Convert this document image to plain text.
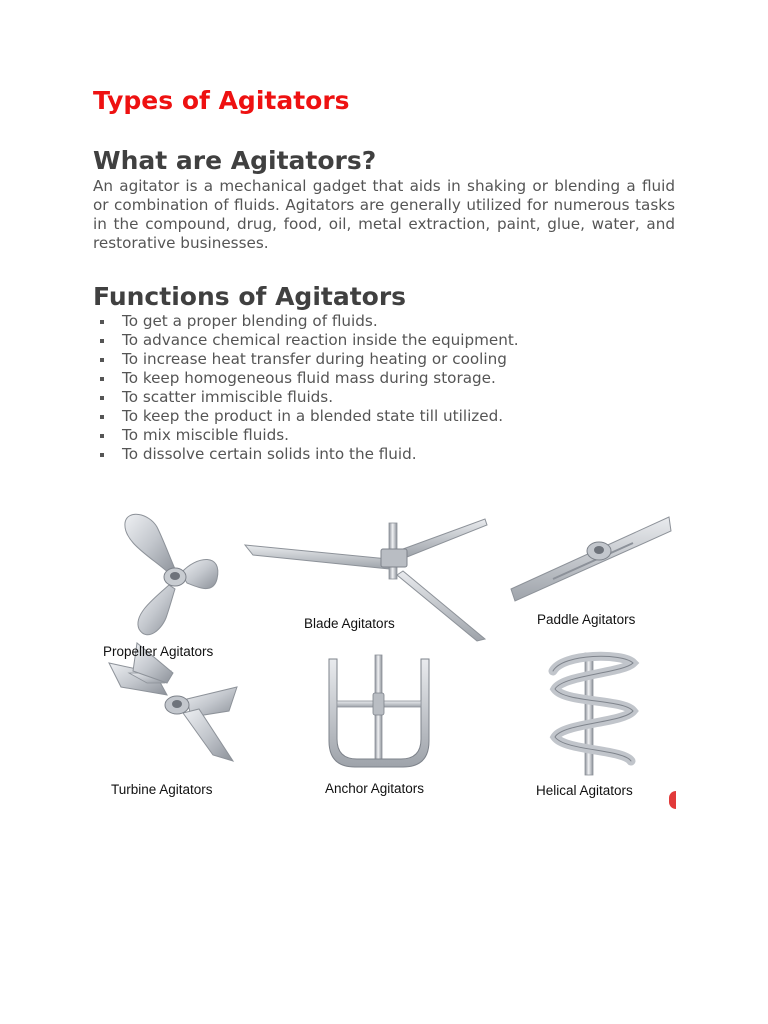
Types of Agitators
What are Agitators?

An agitator is a mechanical gadget that aids in shaking or blending a fluid or combination of fluids. Agitators are generally utilized for numerous tasks in the compound, drug, food, oil, metal extraction, paint, glue, water, and restorative businesses.

Functions of Agitators
To get a proper blending of fluids.
To advance chemical reaction inside the equipment.
To increase heat transfer during heating or cooling
To keep homogeneous fluid mass during storage.
To scatter immiscible fluids.
To keep the product in a blended state till utilized.
To mix miscible fluids.
To dissolve certain solids into the fluid.
Propeller Agitators
Blade Agitators	Paddle Agitators
Turbine Agitators	Anchor Agitators	Helical Agitators
